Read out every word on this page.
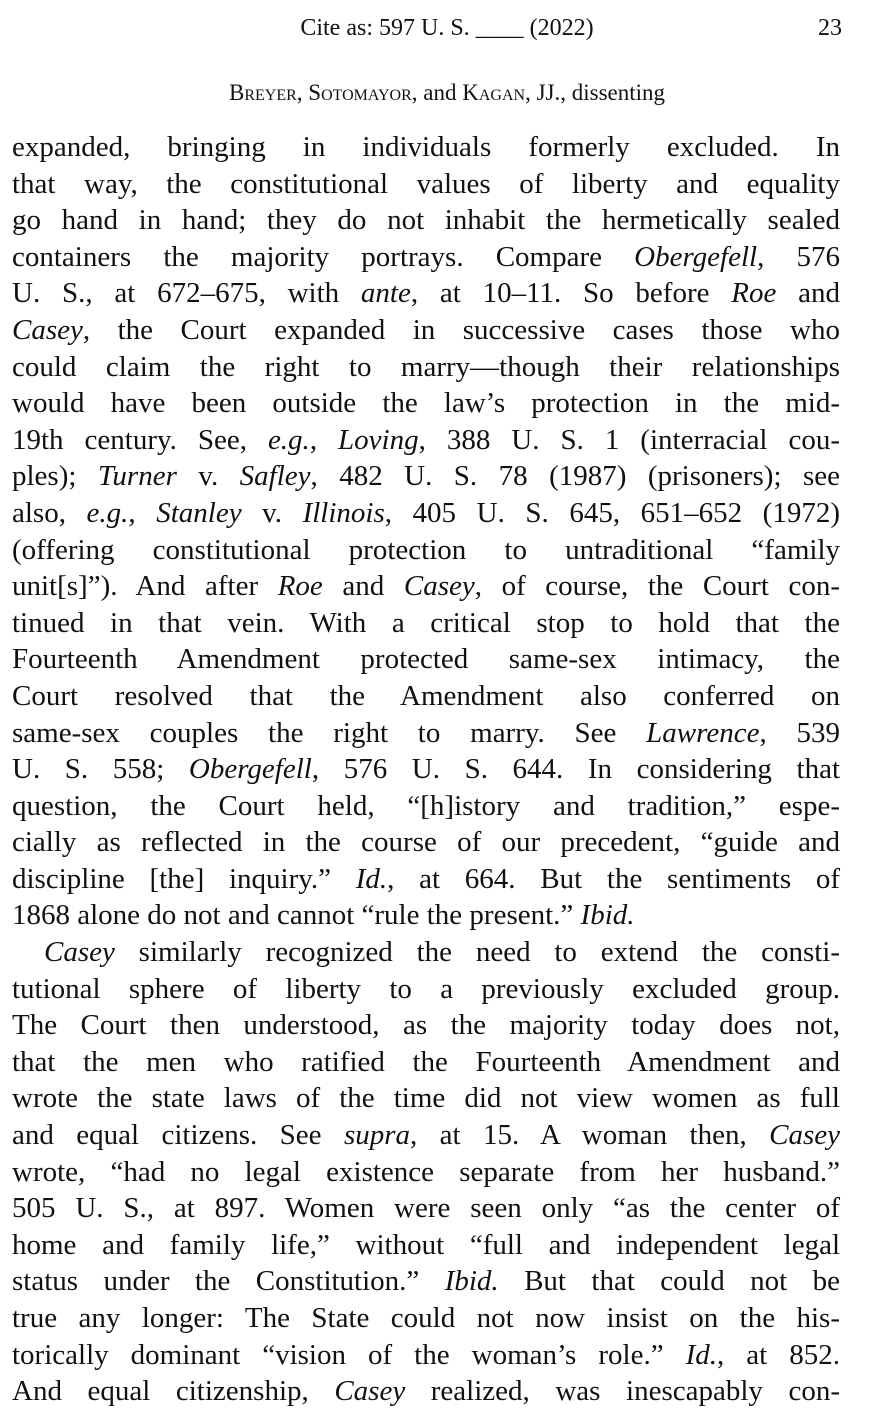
Cite as: 597 U. S. ____ (2022)	23
Breyer, Sotomayor, and Kagan, JJ., dissenting
expanded, bringing in individuals formerly excluded. In
that way, the constitutional values of liberty and equality
go hand in hand; they do not inhabit the hermetically sealed
containers the majority portrays. Compare Obergefell, 576
U. S., at 672–675, with ante, at 10–11. So before Roe and
Casey, the Court expanded in successive cases those who
could claim the right to marry—though their relationships
would have been outside the law’s protection in the mid-
19th century. See, e.g., Loving, 388 U. S. 1 (interracial cou-
ples); Turner v. Safley, 482 U. S. 78 (1987) (prisoners); see
also, e.g., Stanley v. Illinois, 405 U. S. 645, 651–652 (1972)
(offering constitutional protection to untraditional “family
unit[s]”). And after Roe and Casey, of course, the Court con-
tinued in that vein. With a critical stop to hold that the
Fourteenth Amendment protected same-sex intimacy, the
Court resolved that the Amendment also conferred on
same-sex couples the right to marry. See Lawrence, 539
U. S. 558; Obergefell, 576 U. S. 644. In considering that
question, the Court held, “[h]istory and tradition,” espe-
cially as reflected in the course of our precedent, “guide and
discipline [the] inquiry.” Id., at 664. But the sentiments of
1868 alone do not and cannot “rule the present.” Ibid.
Casey similarly recognized the need to extend the consti-
tutional sphere of liberty to a previously excluded group.
The Court then understood, as the majority today does not,
that the men who ratified the Fourteenth Amendment and
wrote the state laws of the time did not view women as full
and equal citizens. See supra, at 15. A woman then, Casey
wrote, “had no legal existence separate from her husband.”
505 U. S., at 897. Women were seen only “as the center of
home and family life,” without “full and independent legal
status under the Constitution.” Ibid. But that could not be
true any longer: The State could not now insist on the his-
torically dominant “vision of the woman’s role.” Id., at 852.
And equal citizenship, Casey realized, was inescapably con-
